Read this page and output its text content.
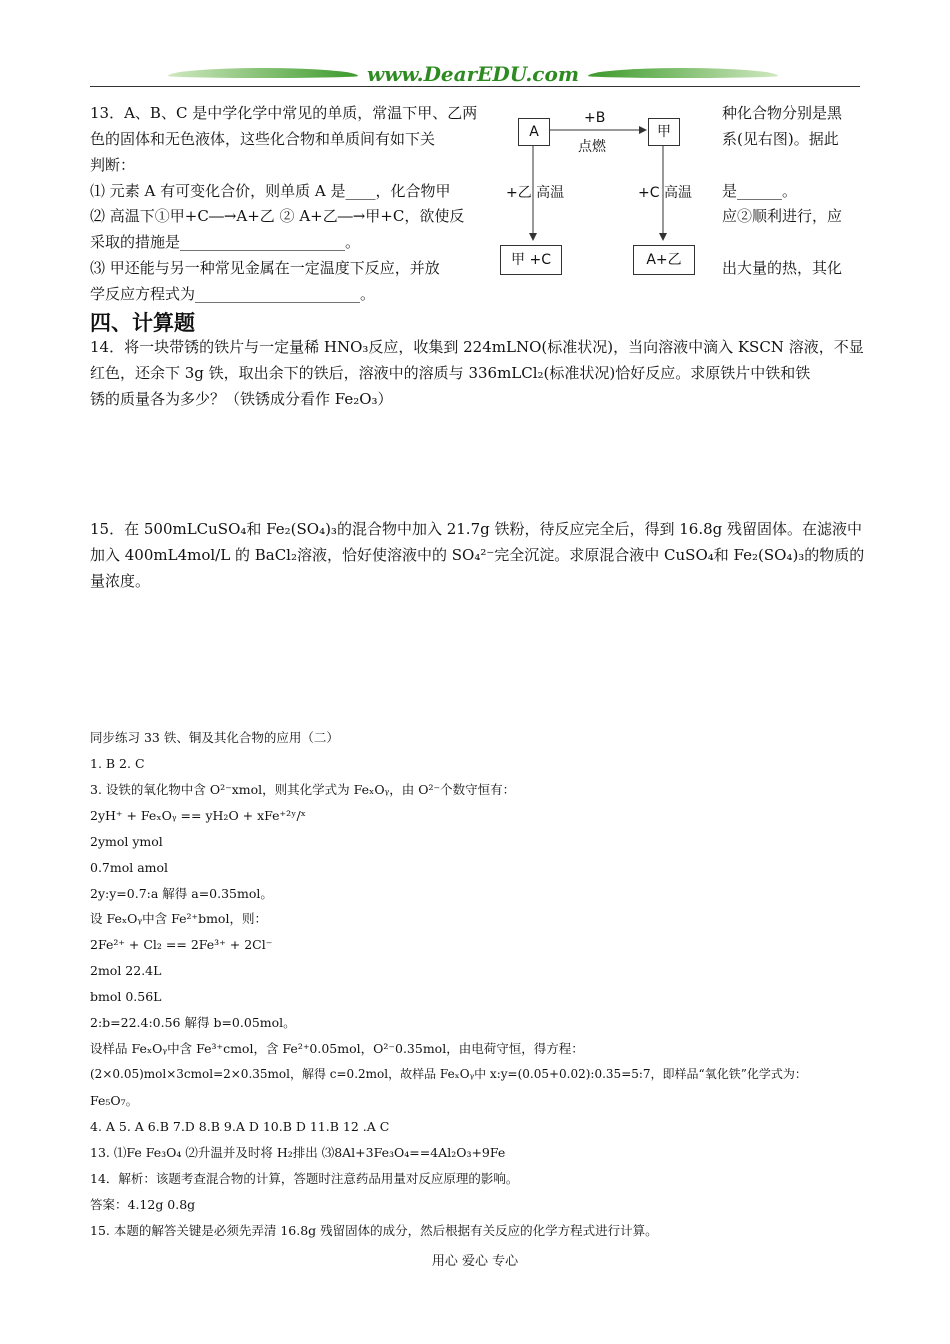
www.DearEDU.com
13．A、B、C 是中学化学中常见的单质，常温下甲、乙两
色的固体和无色液体，这些化合物和单质间有如下关
判断：
⑴ 元素 A 有可变化合价，则单质 A 是____，化合物甲
⑵ 高温下①甲+C―→A+乙 ② A+乙―→甲+C，欲使反
采取的措施是______________________。
⑶ 甲还能与另一种常见金属在一定温度下反应，并放
学反应方程式为______________________。
种化合物分别是黑
系(见右图)。据此
是______。
应②顺利进行，应
出大量的热，其化
A	甲
甲 +C	A+乙
+B
点燃
+乙 高温	+C 高温
四、计算题
14．将一块带锈的铁片与一定量稀 HNO₃反应，收集到 224mLNO(标准状况)，当向溶液中滴入 KSCN 溶液，不显
红色，还余下 3g 铁，取出余下的铁后，溶液中的溶质与 336mLCl₂(标准状况)恰好反应。求原铁片中铁和铁
锈的质量各为多少？（铁锈成分看作 Fe₂O₃）
15．在 500mLCuSO₄和 Fe₂(SO₄)₃的混合物中加入 21.7g 铁粉，待反应完全后，得到 16.8g 残留固体。在滤液中
加入 400mL4mol/L 的 BaCl₂溶液，恰好使溶液中的 SO₄²⁻完全沉淀。求原混合液中 CuSO₄和 Fe₂(SO₄)₃的物质的
量浓度。
同步练习 33 铁、铜及其化合物的应用（二）
1. B 2. C
3. 设铁的氧化物中含 O²⁻xmol，则其化学式为 FeₓOᵧ，由 O²⁻个数守恒有：
2yH⁺ + FeₓOᵧ == yH₂O + xFe⁺²ʸ/ˣ
2ymol ymol
0.7mol amol
2y:y=0.7:a 解得 a=0.35mol。
设 FeₓOᵧ中含 Fe²⁺bmol，则：
2Fe²⁺ + Cl₂ == 2Fe³⁺ + 2Cl⁻
2mol 22.4L
bmol 0.56L
2:b=22.4:0.56 解得 b=0.05mol。
设样品 FeₓOᵧ中含 Fe³⁺cmol，含 Fe²⁺0.05mol，O²⁻0.35mol，由电荷守恒，得方程：
(2×0.05)mol×3cmol=2×0.35mol，解得 c=0.2mol，故样品 FeₓOᵧ中 x:y=(0.05+0.02):0.35=5:7，即样品“氧化铁”化学式为：
Fe₅O₇。
4. A 5. A 6.B 7.D 8.B 9.A D 10.B D 11.B 12 .A C
13. ⑴Fe Fe₃O₄ ⑵升温并及时将 H₂排出 ⑶8Al+3Fe₃O₄==4Al₂O₃+9Fe
14．解析：该题考查混合物的计算，答题时注意药品用量对反应原理的影响。
答案：4.12g 0.8g
15. 本题的解答关键是必须先弄清 16.8g 残留固体的成分，然后根据有关反应的化学方程式进行计算。
用心 爱心 专心
